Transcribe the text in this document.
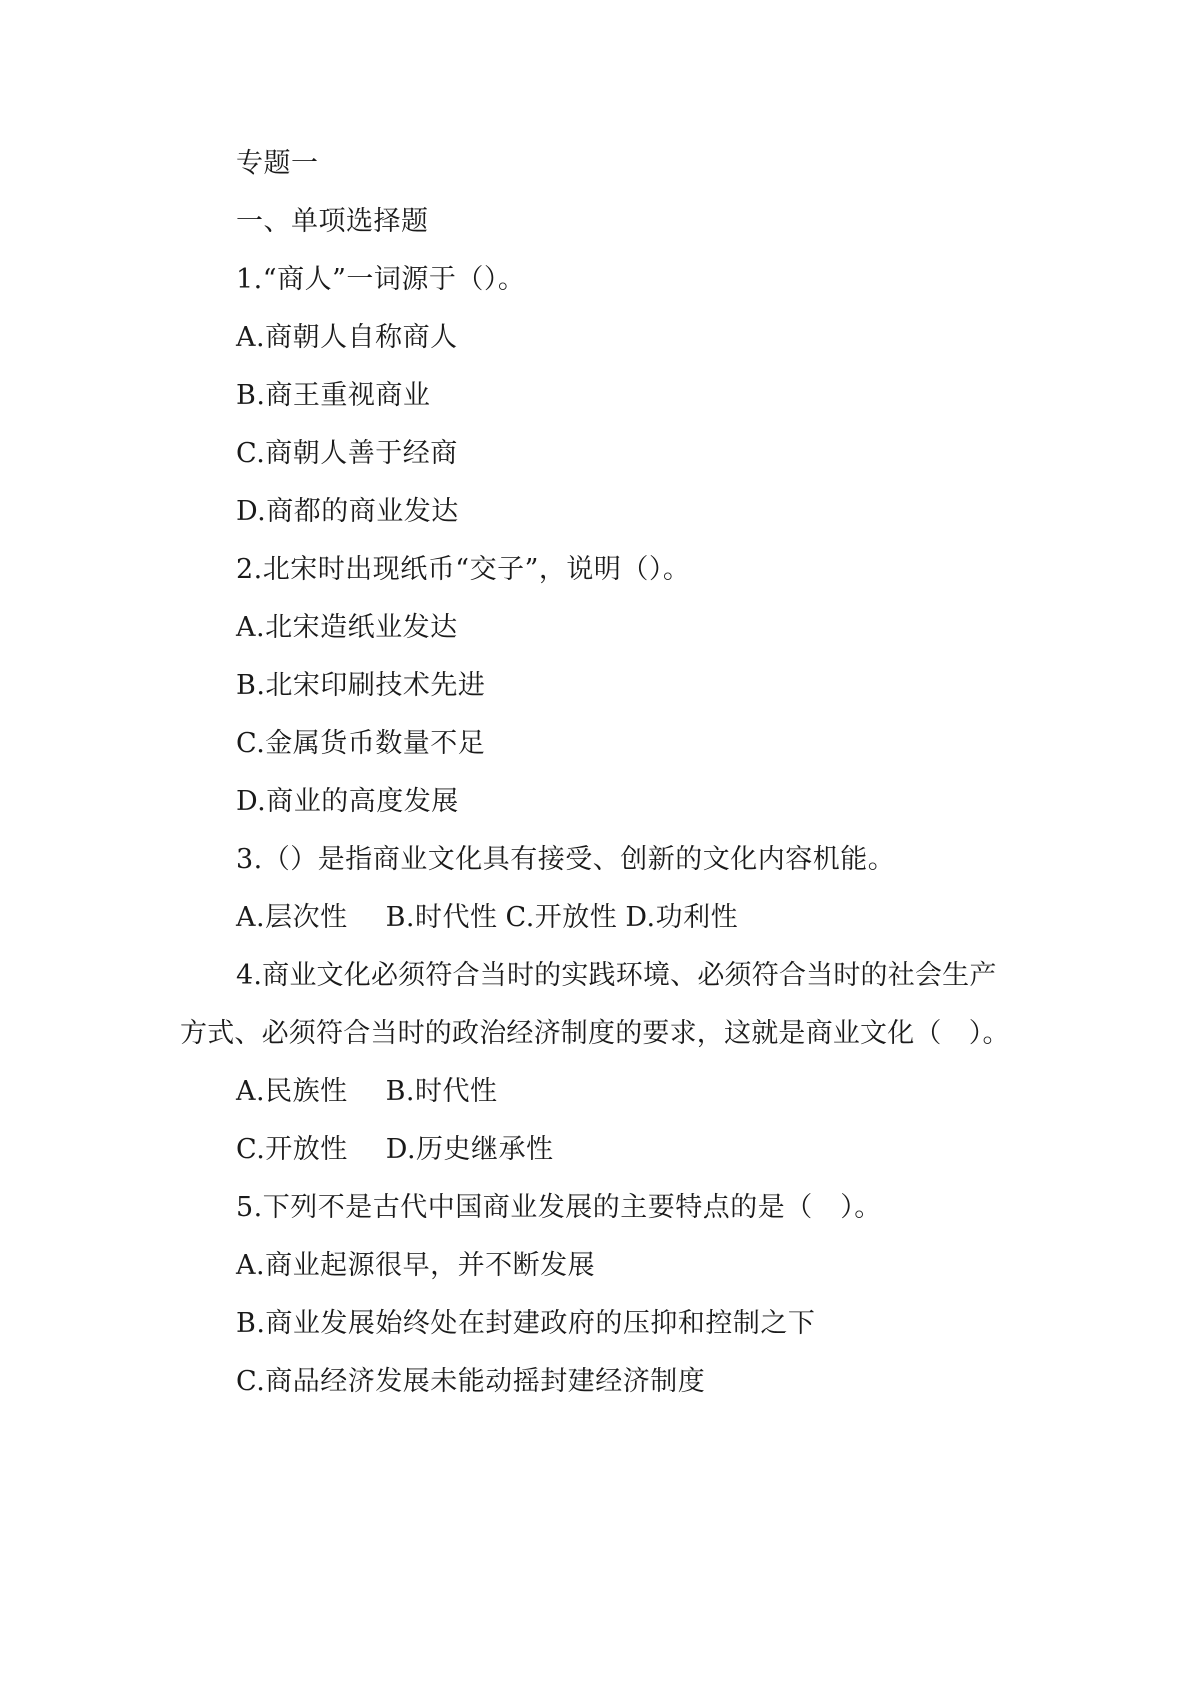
专题一
一、单项选择题
1.“商人”一词源于（）。
A.商朝人自称商人
B.商王重视商业
C.商朝人善于经商
D.商都的商业发达
2.北宋时出现纸币“交子”，说明（）。
A.北宋造纸业发达
B.北宋印刷技术先进
C.金属货币数量不足
D.商业的高度发展
3.（）是指商业文化具有接受、创新的文化内容机能。
A.层次性 B.时代性 C.开放性 D.功利性
4.商业文化必须符合当时的实践环境、必须符合当时的社会生产
方式、必须符合当时的政治经济制度的要求，这就是商业文化（　）。
A.民族性 B.时代性
C.开放性 D.历史继承性
5.下列不是古代中国商业发展的主要特点的是（　）。
A.商业起源很早，并不断发展
B.商业发展始终处在封建政府的压抑和控制之下
C.商品经济发展未能动摇封建经济制度
